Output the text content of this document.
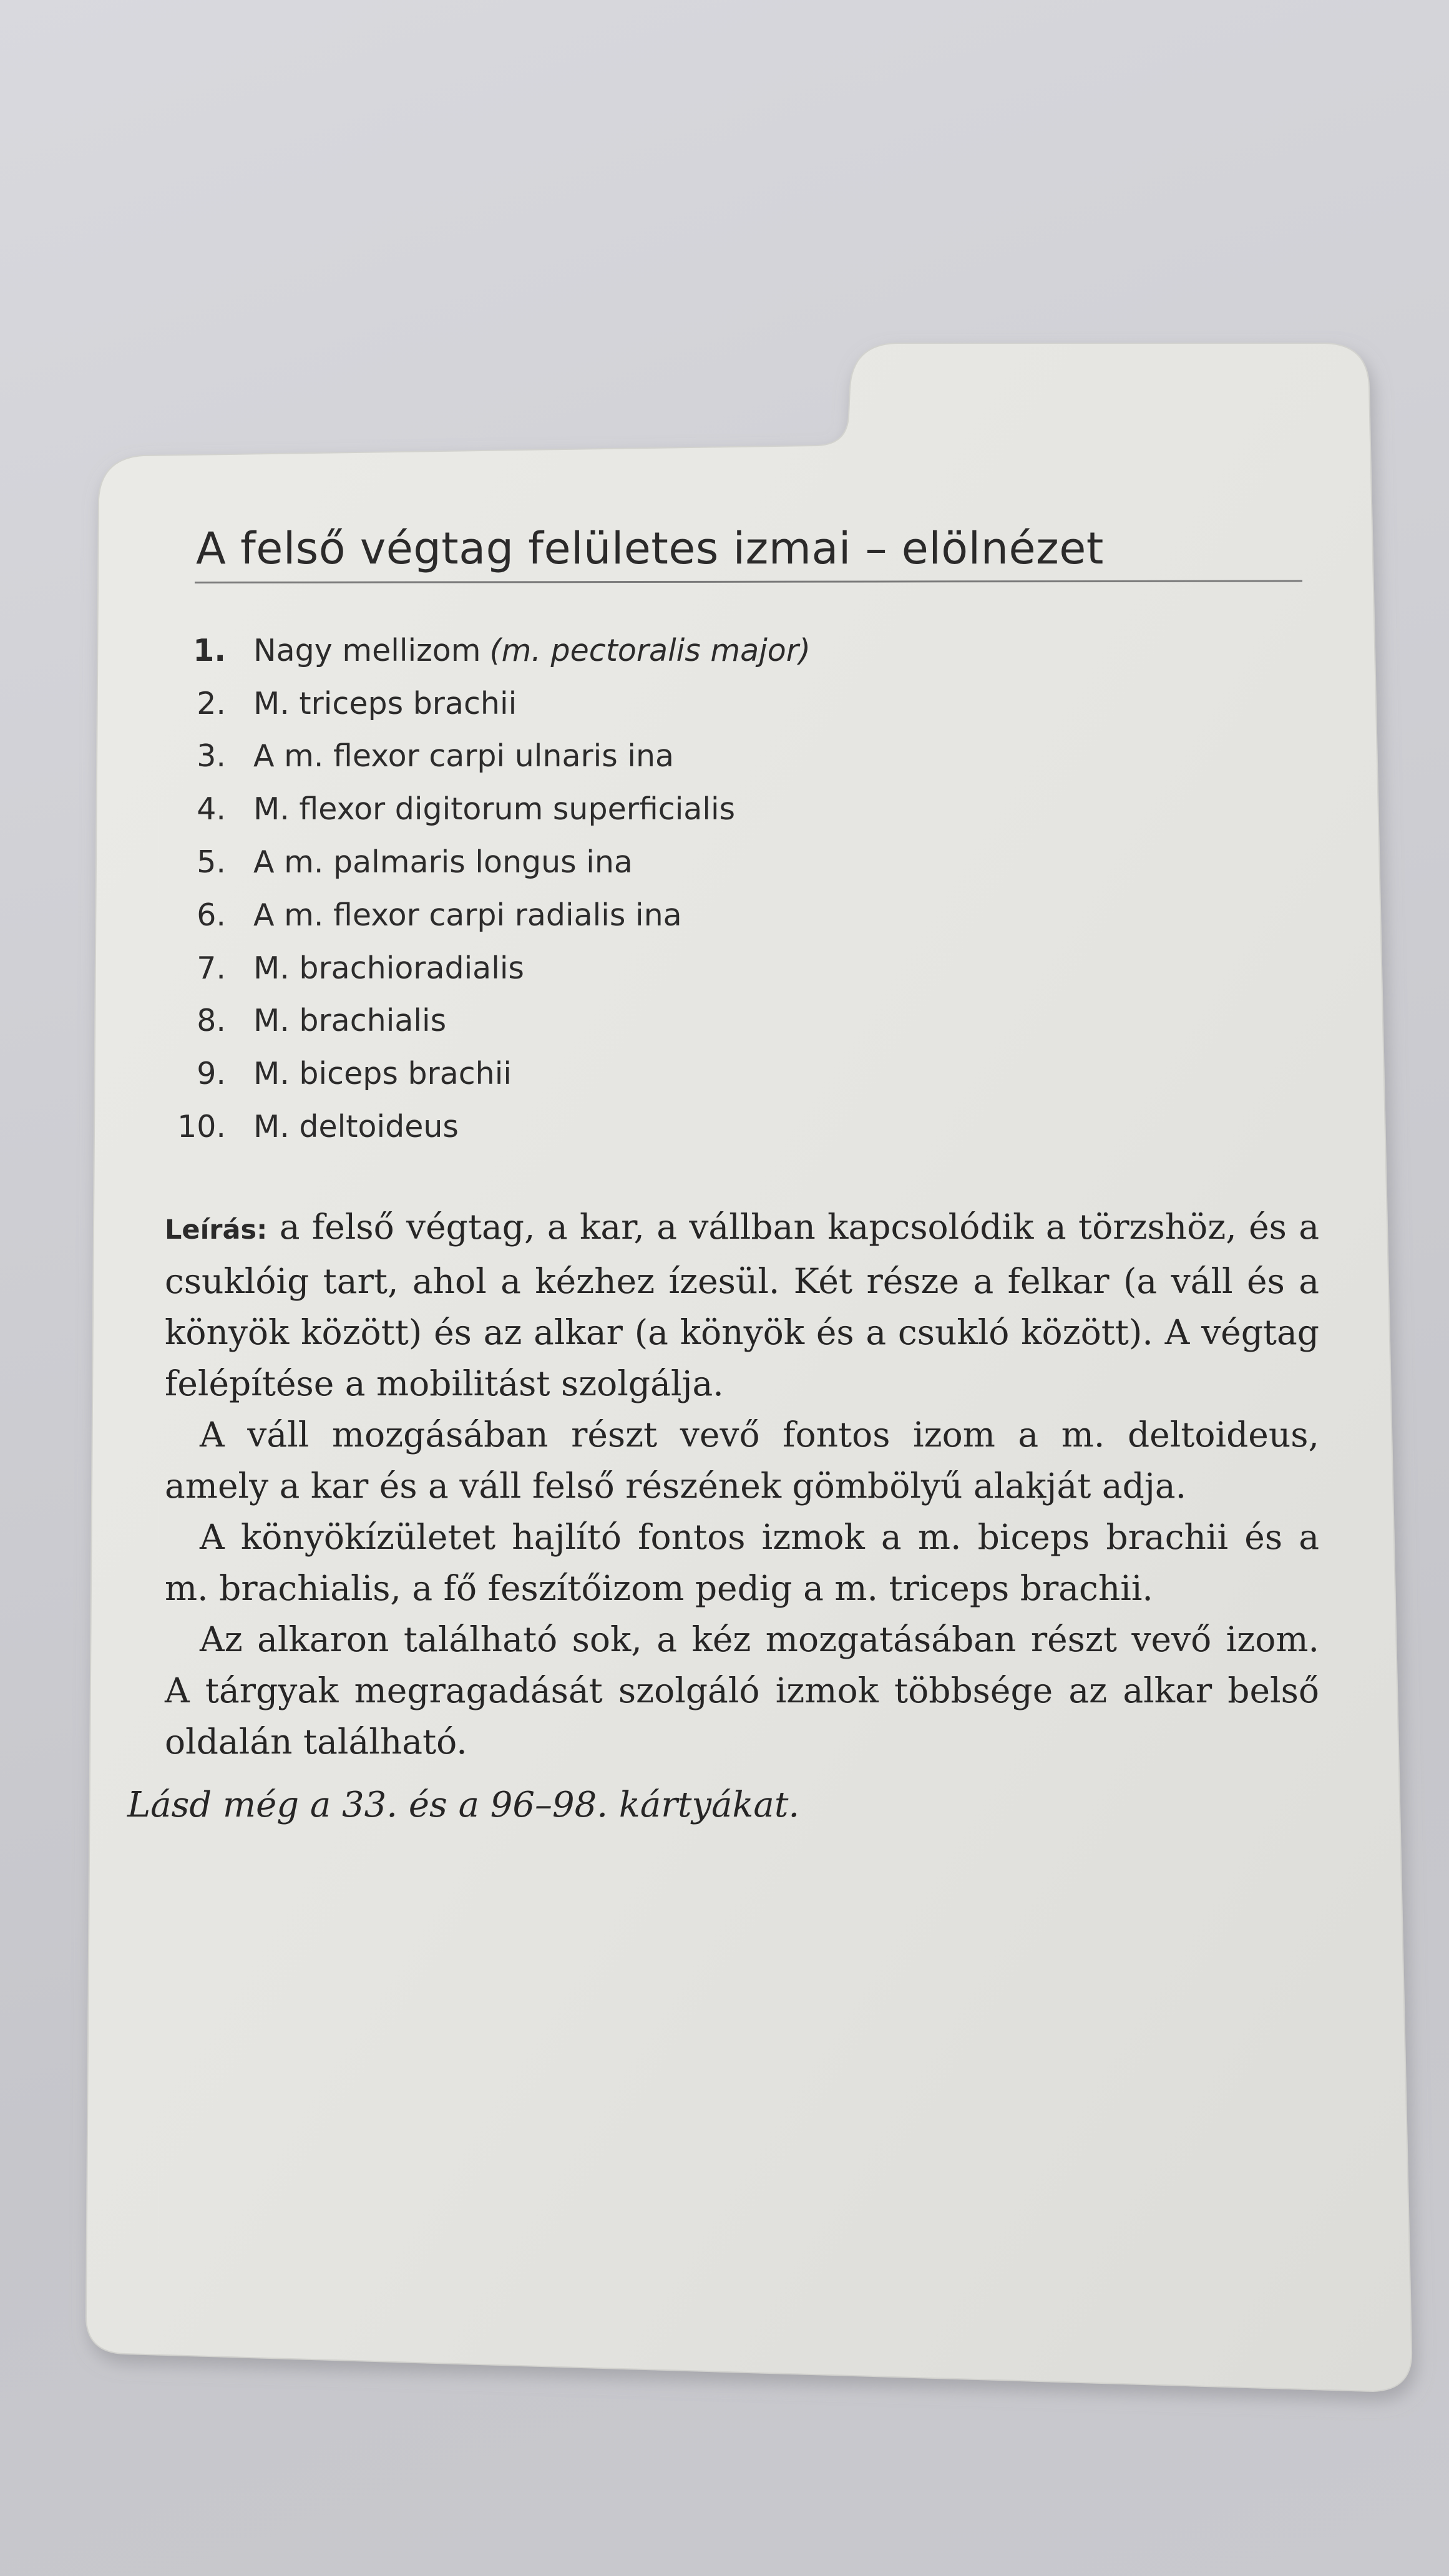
A felső végtag felületes izmai – elölnézet
1. Nagy mellizom (m. pectoralis major)
2. M. triceps brachii
3. A m. flexor carpi ulnaris ina
4. M. flexor digitorum superficialis
5. A m. palmaris longus ina
6. A m. flexor carpi radialis ina
7. M. brachioradialis
8. M. brachialis
9. M. biceps brachii
10. M. deltoideus

Leírás: a felső végtag, a kar, a vállban kapcsolódik a törzshöz, és a csuklóig tart, ahol a kézhez ízesül. Két része a felkar (a váll és a könyök között) és az alkar (a könyök és a csukló között). A végtag felépítése a mobilitást szolgálja.

A váll mozgásában részt vevő fontos izom a m. deltoideus, amely a kar és a váll felső részének gömbölyű alakját adja.

A könyökízületet hajlító fontos izmok a m. biceps brachii és a m. brachialis, a fő feszítőizom pedig a m. triceps brachii.

Az alkaron található sok, a kéz mozgatásában részt vevő izom. A tárgyak megragadását szolgáló izmok többsége az alkar belső oldalán található.

Lásd még a 33. és a 96–98. kártyákat.
